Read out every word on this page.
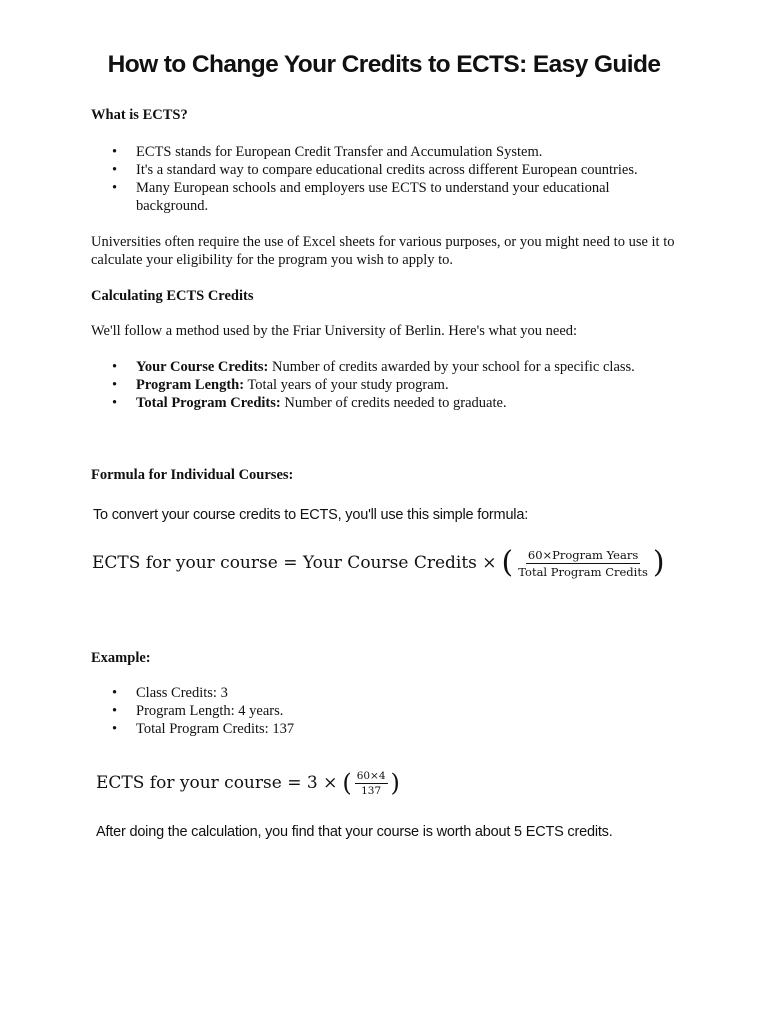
How to Change Your Credits to ECTS: Easy Guide
What is ECTS?
• ECTS stands for European Credit Transfer and Accumulation System.
• It's a standard way to compare educational credits across different European countries.
• Many European schools and employers use ECTS to understand your educational background.
Universities often require the use of Excel sheets for various purposes, or you might need to use it to calculate your eligibility for the program you wish to apply to.
Calculating ECTS Credits
We'll follow a method used by the Friar University of Berlin. Here's what you need:
• Your Course Credits: Number of credits awarded by your school for a specific class.
• Program Length: Total years of your study program.
• Total Program Credits: Number of credits needed to graduate.
Formula for Individual Courses:
To convert your course credits to ECTS, you'll use this simple formula:
ECTS for your course = Your Course Credits × ( $\frac{\text{60×Program Years}}{\text{Total Program Credits}}$ )
Example:
• Class Credits: 3
• Program Length: 4 years.
• Total Program Credits: 137
ECTS for your course = 3 × ( $\frac{60\times 4}{137}$ )
After doing the calculation, you find that your course is worth about 5 ECTS credits.
